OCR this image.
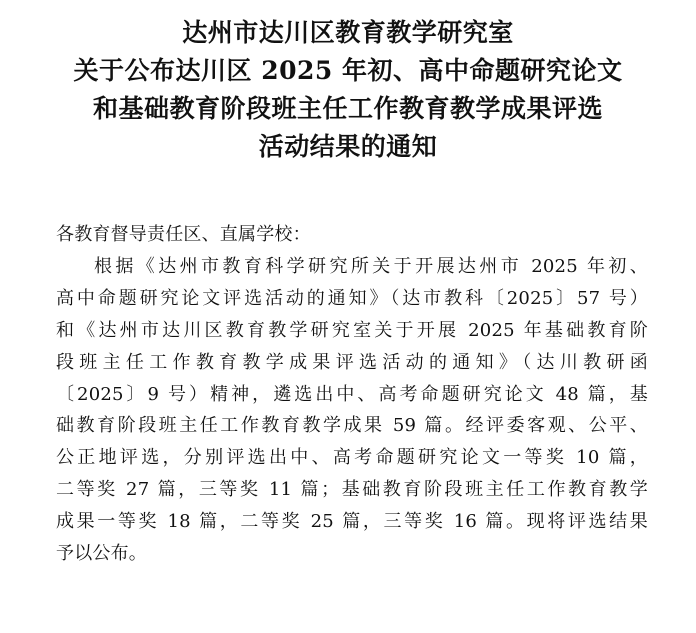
达州市达川区教育教学研究室
关于公布达川区 2025 年初、高中命题研究论文
和基础教育阶段班主任工作教育教学成果评选
活动结果的通知
各教育督导责任区、直属学校：
根据《达州市教育科学研究所关于开展达州市 2025 年初、
高中命题研究论文评选活动的通知》（达市教科〔2025〕57 号）
和《达州市达川区教育教学研究室关于开展 2025 年基础教育阶
段班主任工作教育教学成果评选活动的通知》（达川教研函
〔2025〕9 号）精神，遴选出中、高考命题研究论文 48 篇，基
础教育阶段班主任工作教育教学成果 59 篇。经评委客观、公平、
公正地评选，分别评选出中、高考命题研究论文一等奖 10 篇，
二等奖 27 篇，三等奖 11 篇；基础教育阶段班主任工作教育教学
成果一等奖 18 篇，二等奖 25 篇，三等奖 16 篇。现将评选结果
予以公布。
